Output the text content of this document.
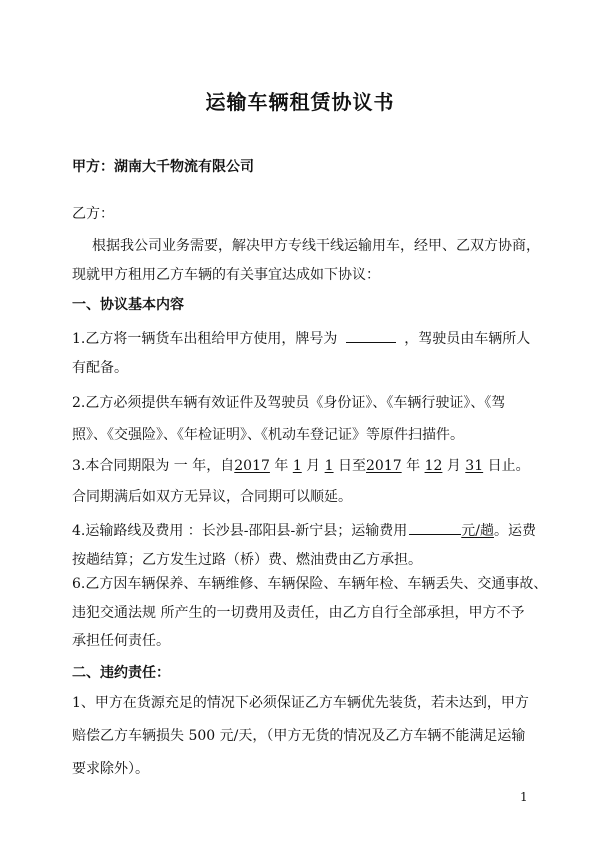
运输车辆租赁协议书
甲方：湖南大千物流有限公司
乙方：
根据我公司业务需要，解决甲方专线干线运输用车，经甲、乙双方协商，
现就甲方租用乙方车辆的有关事宜达成如下协议：
一、协议基本内容
1.乙方将一辆货车出租给甲方使用，牌号为	，驾驶员由车辆所人
有配备。
2.乙方必须提供车辆有效证件及驾驶员《身份证》、《车辆行驶证》、《驾
照》、《交强险》、《年检证明》、《机动车登记证》等原件扫描件。
3.本合同期限为 一 年，自2017 年 1 月 1 日至2017 年 12 月 31 日止。
合同期满后如双方无异议，合同期可以顺延。
4.运输路线及费用 ：长沙县-邵阳县-新宁县；运输费用	元/趟。运费
按趟结算；乙方发生过路（桥）费、燃油费由乙方承担。
6.乙方因车辆保养、车辆维修、车辆保险、车辆年检、车辆丢失、交通事故、
违犯交通法规 所产生的一切费用及责任，由乙方自行全部承担，甲方不予
承担任何责任。
二、违约责任：
1、甲方在货源充足的情况下必须保证乙方车辆优先装货，若未达到，甲方
赔偿乙方车辆损失 500 元/天，（甲方无货的情况及乙方车辆不能满足运输
要求除外）。
1
